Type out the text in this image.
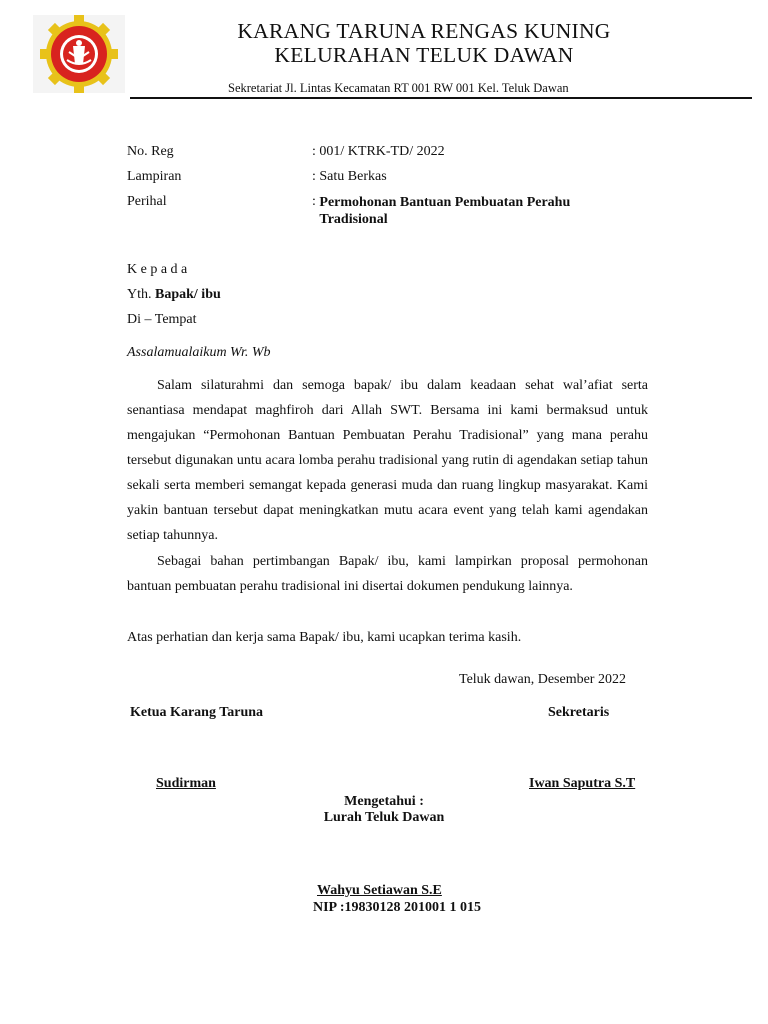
KARANG TARUNA RENGAS KUNING
KELURAHAN TELUK DAWAN
Sekretariat Jl. Lintas Kecamatan RT 001 RW 001 Kel. Teluk Dawan
No. Reg	: 001/ KTRK-TD/ 2022
Lampiran	: Satu Berkas
Perihal	: Permohonan Bantuan Pembuatan Perahu Tradisional
K e p a d a
Yth. Bapak/ ibu
Di – Tempat
Assalamualaikum Wr. Wb
Salam silaturahmi dan semoga bapak/ ibu dalam keadaan sehat wal’afiat serta senantiasa mendapat maghfiroh dari Allah SWT. Bersama ini kami bermaksud untuk mengajukan “Permohonan Bantuan Pembuatan Perahu Tradisional” yang mana perahu tersebut digunakan untu acara lomba perahu tradisional yang rutin di agendakan setiap tahun sekali serta memberi semangat kepada generasi muda dan ruang lingkup masyarakat. Kami yakin bantuan tersebut dapat meningkatkan mutu acara event yang telah kami agendakan setiap tahunnya.
Sebagai bahan pertimbangan Bapak/ ibu, kami lampirkan proposal permohonan bantuan pembuatan perahu tradisional ini disertai dokumen pendukung lainnya.
Atas perhatian dan kerja sama Bapak/ ibu, kami ucapkan terima kasih.
Teluk dawan, Desember 2022
Ketua Karang Taruna	Sekretaris
Sudirman	Iwan Saputra S.T
Mengetahui :
Lurah Teluk Dawan
Wahyu Setiawan S.E
NIP :19830128 201001 1 015
